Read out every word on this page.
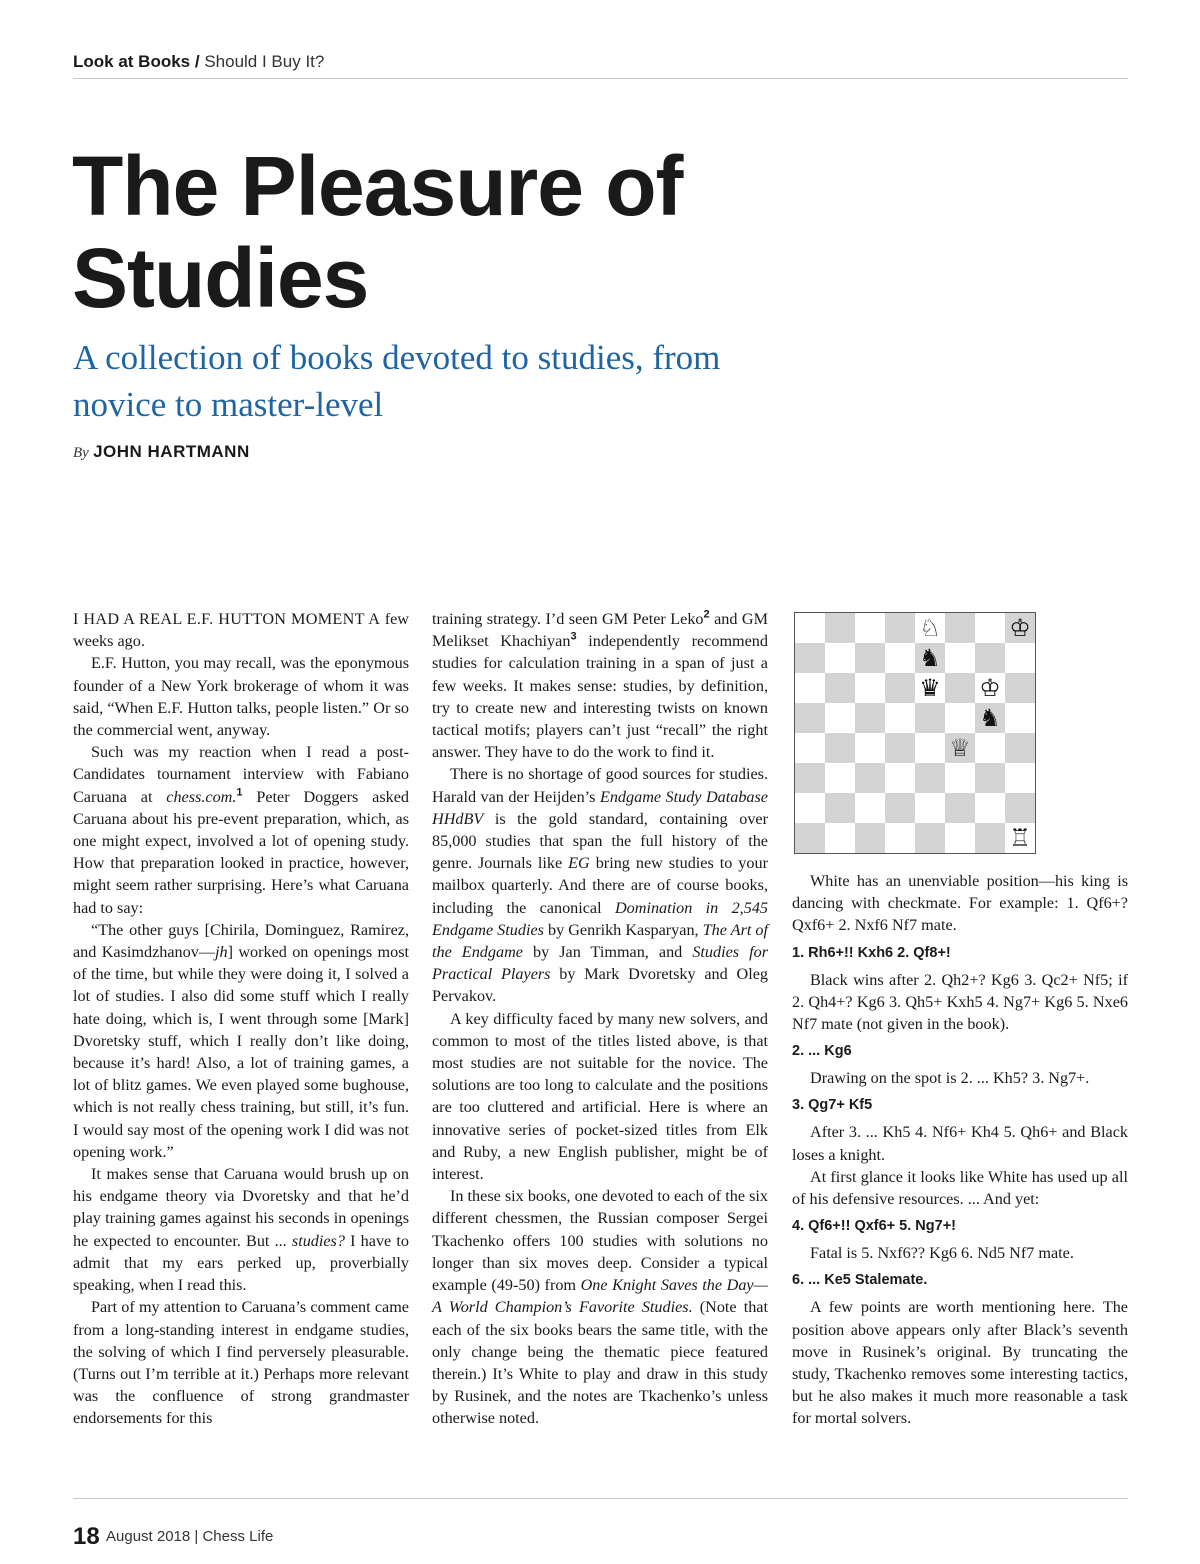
Look at Books / Should I Buy It?
The Pleasure of Studies
A collection of books devoted to studies, from novice to master-level
By JOHN HARTMANN

I HAD A REAL E.F. HUTTON MOMENT A few weeks ago.

E.F. Hutton, you may recall, was the eponymous founder of a New York brokerage of whom it was said, “When E.F. Hutton talks, people listen.” Or so the commercial went, anyway.

Such was my reaction when I read a post-Candidates tournament interview with Fabiano Caruana at chess.com.$^1$ Peter Doggers asked Caruana about his pre-event preparation, which, as one might expect, involved a lot of opening study. How that preparation looked in practice, however, might seem rather surprising. Here’s what Caruana had to say:

“The other guys [Chirila, Dominguez, Ramirez, and Kasimdzhanov—jh] worked on openings most of the time, but while they were doing it, I solved a lot of studies. I also did some stuff which I really hate doing, which is, I went through some [Mark] Dvoretsky stuff, which I really don’t like doing, because it’s hard! Also, a lot of training games, a lot of blitz games. We even played some bughouse, which is not really chess training, but still, it’s fun. I would say most of the opening work I did was not opening work.”

It makes sense that Caruana would brush up on his endgame theory via Dvoretsky and that he’d play training games against his seconds in openings he expected to encounter. But ... studies? I have to admit that my ears perked up, proverbially speaking, when I read this.

Part of my attention to Caruana’s comment came from a long-standing interest in endgame studies, the solving of which I find perversely pleasurable. (Turns out I’m terrible at it.) Perhaps more relevant was the confluence of strong grandmaster endorsements for this

training strategy. I’d seen GM Peter Leko$^2$ and GM Melikset Khachiyan$^3$ independently recommend studies for calculation training in a span of just a few weeks. It makes sense: studies, by definition, try to create new and interesting twists on known tactical motifs; players can’t just “recall” the right answer. They have to do the work to find it.

There is no shortage of good sources for studies. Harald van der Heijden’s Endgame Study Database HHdBV is the gold standard, containing over 85,000 studies that span the full history of the genre. Journals like EG bring new studies to your mailbox quarterly. And there are of course books, including the canonical Domination in 2,545 Endgame Studies by Genrikh Kasparyan, The Art of the Endgame by Jan Timman, and Studies for Practical Players by Mark Dvoretsky and Oleg Pervakov.

A key difficulty faced by many new solvers, and common to most of the titles listed above, is that most studies are not suitable for the novice. The solutions are too long to calculate and the positions are too cluttered and artificial. Here is where an innovative series of pocket-sized titles from Elk and Ruby, a new English publisher, might be of interest.

In these six books, one devoted to each of the six different chessmen, the Russian composer Sergei Tkachenko offers 100 studies with solutions no longer than six moves deep. Consider a typical example (49-50) from One Knight Saves the Day—A World Champion’s Favorite Studies. (Note that each of the six books bears the same title, with the only change being the thematic piece featured therein.) It’s White to play and draw in this study by Rusinek, and the notes are Tkachenko’s unless otherwise noted.

♘	♔
♞
♛ ♔
♞
♕
♖

White has an unenviable position—his king is dancing with checkmate. For example: 1. Qf6+? Qxf6+ 2. Nxf6 Nf7 mate.

1. Rh6+!! Kxh6 2. Qf8+!

Black wins after 2. Qh2+? Kg6 3. Qc2+ Nf5; if 2. Qh4+? Kg6 3. Qh5+ Kxh5 4. Ng7+ Kg6 5. Nxe6 Nf7 mate (not given in the book).

2. ... Kg6

Drawing on the spot is 2. ... Kh5? 3. Ng7+.

3. Qg7+ Kf5

After 3. ... Kh5 4. Nf6+ Kh4 5. Qh6+ and Black loses a knight.

At first glance it looks like White has used up all of his defensive resources. ... And yet:

4. Qf6+!! Qxf6+ 5. Ng7+!

Fatal is 5. Nxf6?? Kg6 6. Nd5 Nf7 mate.

6. ... Ke5 Stalemate.

A few points are worth mentioning here. The position above appears only after Black’s seventh move in Rusinek’s original. By truncating the study, Tkachenko removes some interesting tactics, but he also makes it much more reasonable a task for mortal solvers.

18 August 2018 | Chess Life
